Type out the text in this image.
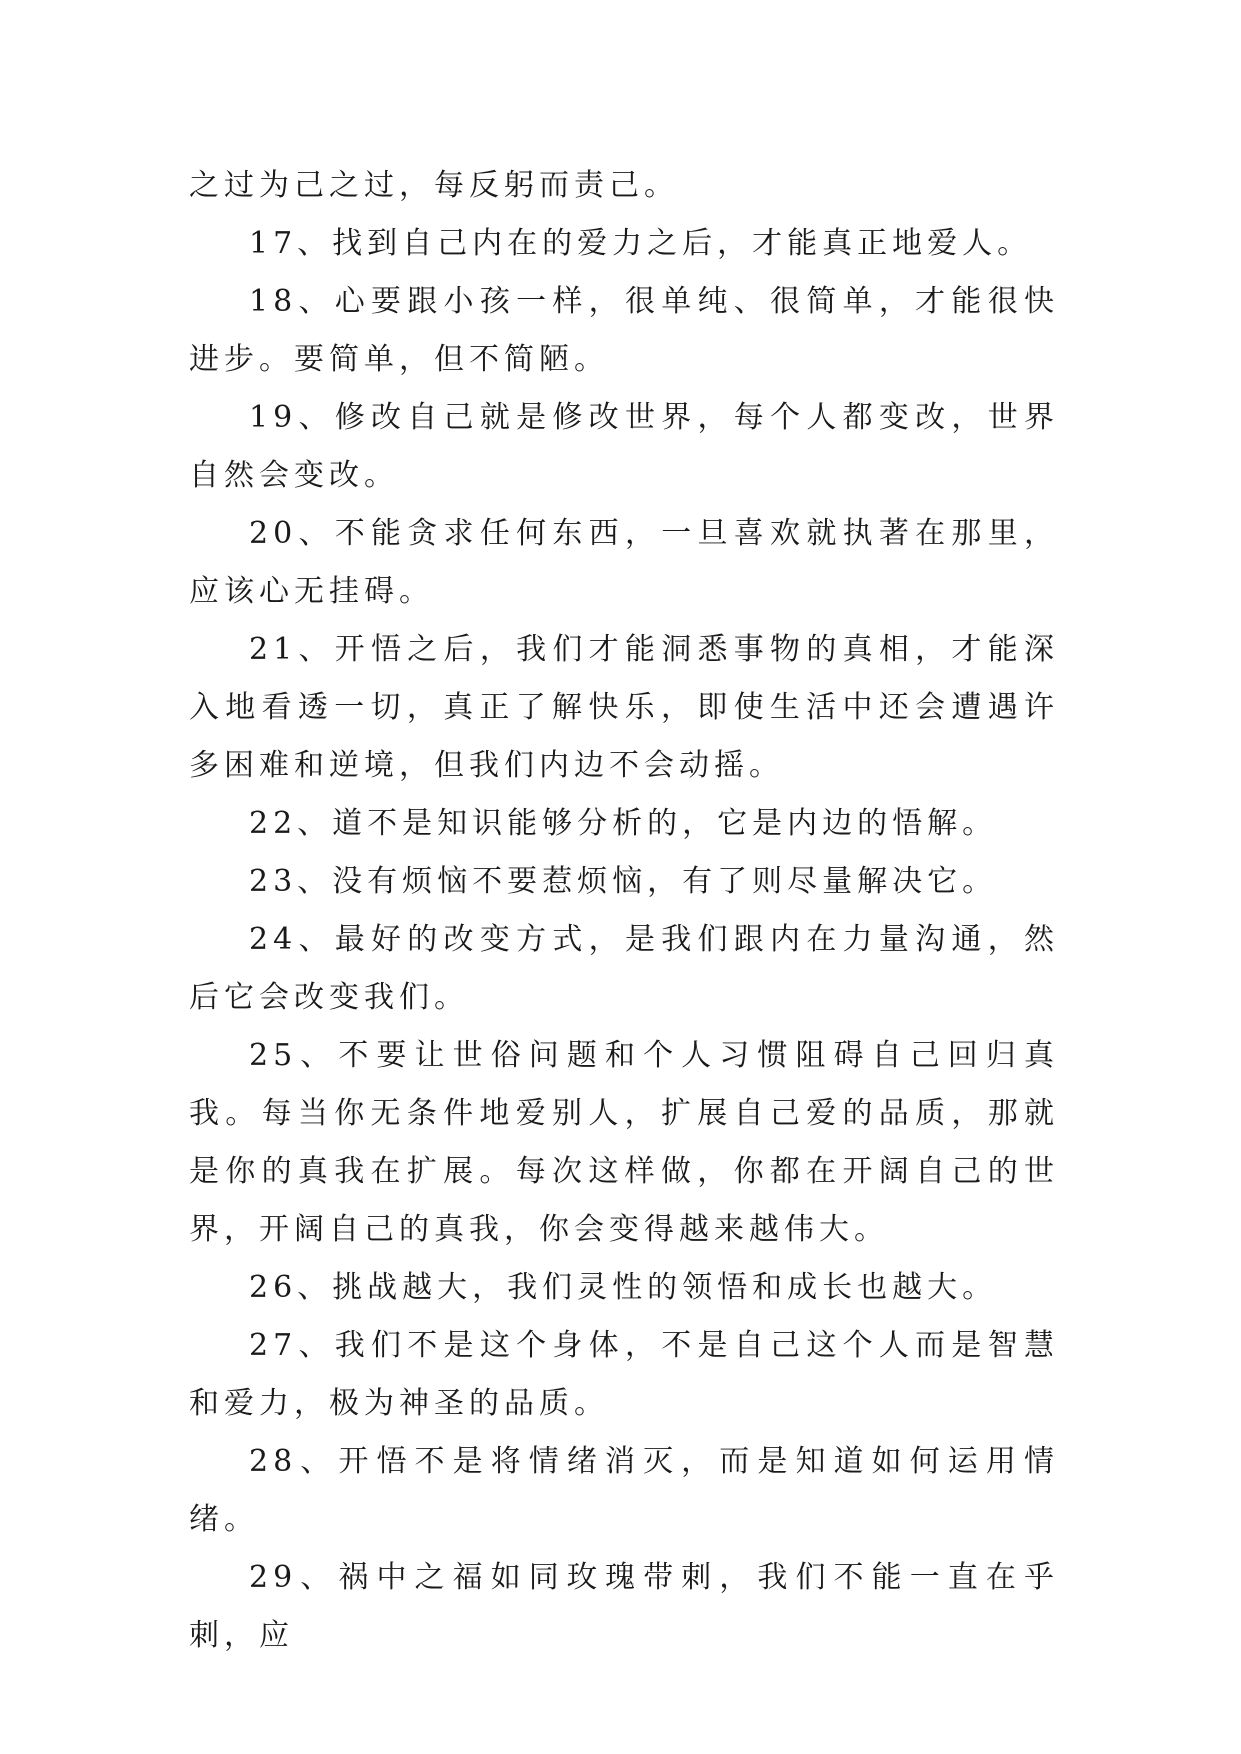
之过为己之过，每反躬而责己。

17、找到自己内在的爱力之后，才能真正地爱人。

18、心要跟小孩一样，很单纯、很简单，才能很快进步。要简单，但不简陋。

19、修改自己就是修改世界，每个人都变改，世界自然会变改。

20、不能贪求任何东西，一旦喜欢就执著在那里，应该心无挂碍。

21、开悟之后，我们才能洞悉事物的真相，才能深入地看透一切，真正了解快乐，即使生活中还会遭遇许多困难和逆境，但我们内边不会动摇。

22、道不是知识能够分析的，它是内边的悟解。

23、没有烦恼不要惹烦恼，有了则尽量解决它。

24、最好的改变方式，是我们跟内在力量沟通，然后它会改变我们。

25、不要让世俗问题和个人习惯阻碍自己回归真我。每当你无条件地爱别人，扩展自己爱的品质，那就是你的真我在扩展。每次这样做，你都在开阔自己的世界，开阔自己的真我，你会变得越来越伟大。

26、挑战越大，我们灵性的领悟和成长也越大。

27、我们不是这个身体，不是自己这个人而是智慧和爱力，极为神圣的品质。

28、开悟不是将情绪消灭，而是知道如何运用情绪。

29、祸中之福如同玫瑰带刺，我们不能一直在乎刺，应
